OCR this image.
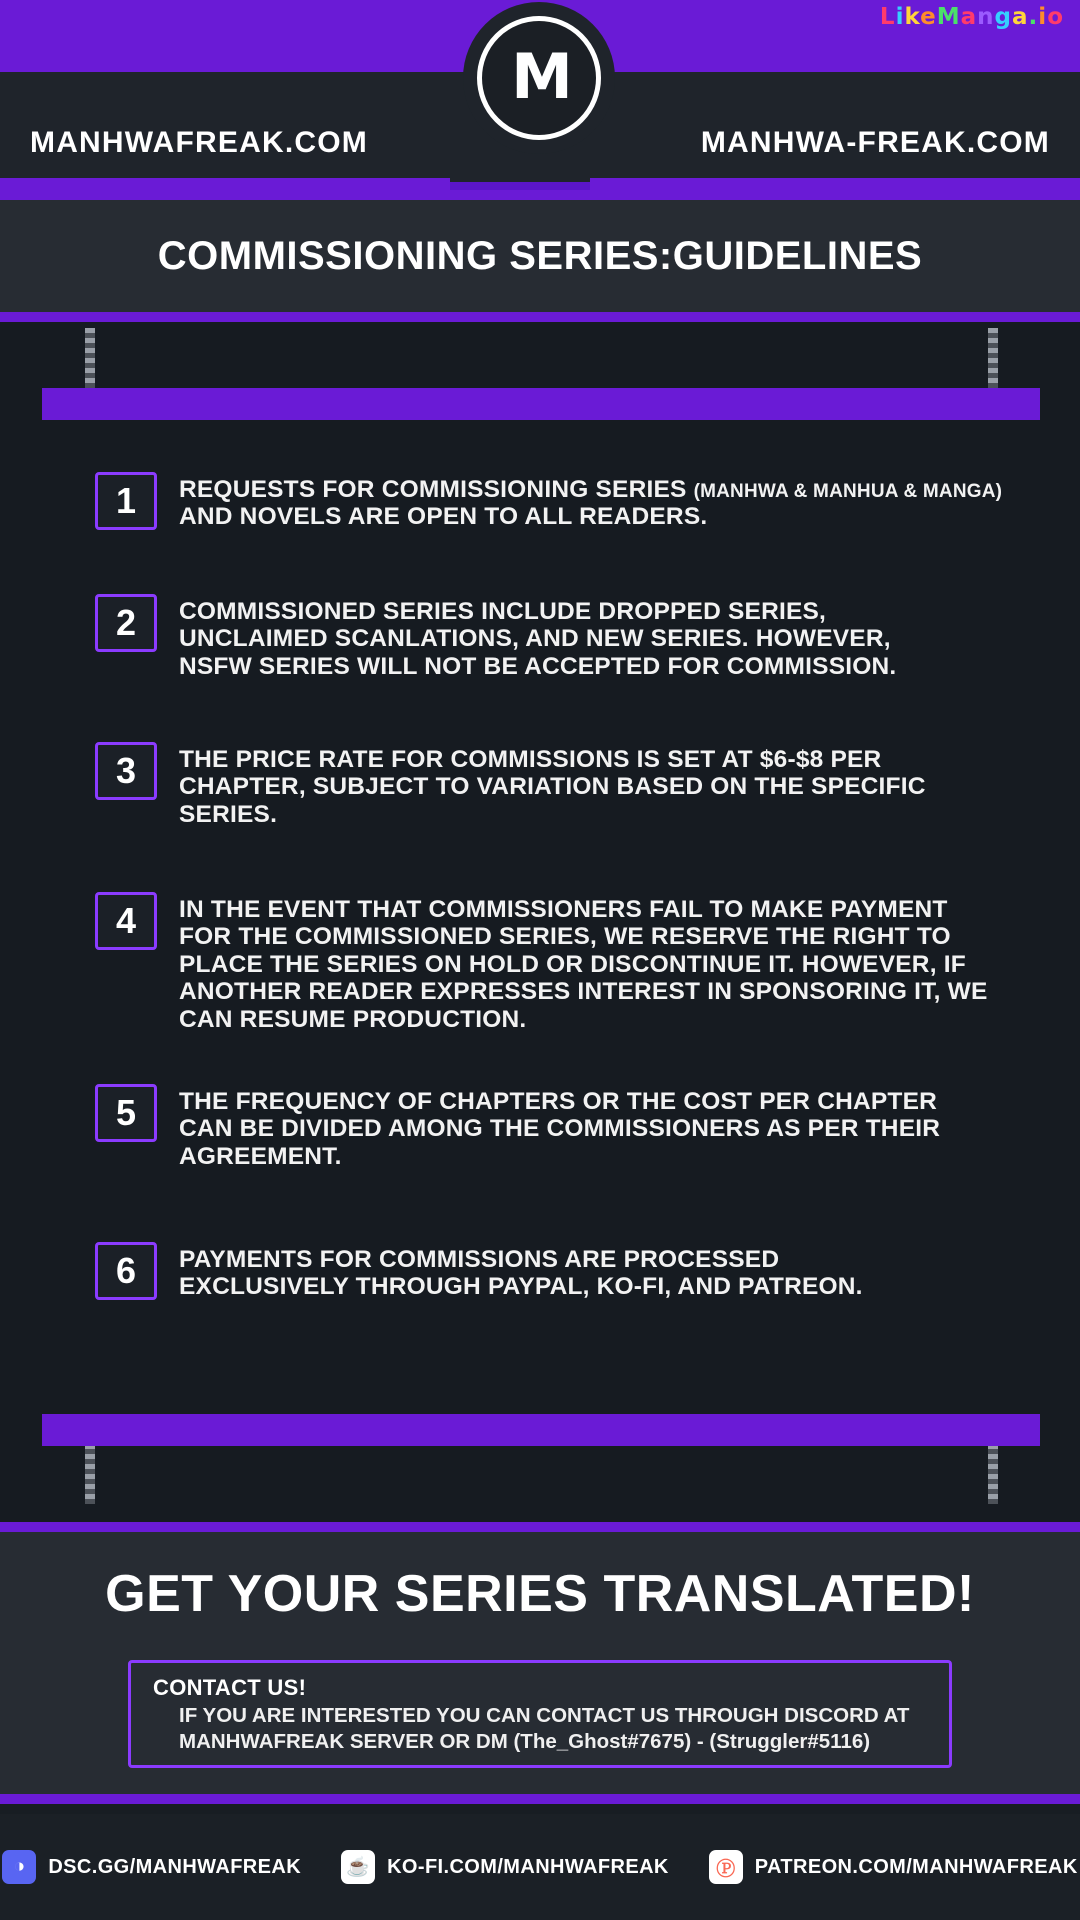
LikeManga.io
MANHWAFREAK.COM	MANHWA-FREAK.COM
M
COMMISSIONING SERIES:GUIDELINES
1	REQUESTS FOR COMMISSIONING SERIES (MANHWA & MANHUA & MANGA) AND NOVELS ARE OPEN TO ALL READERS.
2	COMMISSIONED SERIES INCLUDE DROPPED SERIES, UNCLAIMED SCANLATIONS, AND NEW SERIES. HOWEVER, NSFW SERIES WILL NOT BE ACCEPTED FOR COMMISSION.
3	THE PRICE RATE FOR COMMISSIONS IS SET AT $6-$8 PER CHAPTER, SUBJECT TO VARIATION BASED ON THE SPECIFIC SERIES.
4	IN THE EVENT THAT COMMISSIONERS FAIL TO MAKE PAYMENT FOR THE COMMISSIONED SERIES, WE RESERVE THE RIGHT TO PLACE THE SERIES ON HOLD OR DISCONTINUE IT. HOWEVER, IF ANOTHER READER EXPRESSES INTEREST IN SPONSORING IT, WE CAN RESUME PRODUCTION.
5	THE FREQUENCY OF CHAPTERS OR THE COST PER CHAPTER CAN BE DIVIDED AMONG THE COMMISSIONERS AS PER THEIR AGREEMENT.
6	PAYMENTS FOR COMMISSIONS ARE PROCESSED EXCLUSIVELY THROUGH PAYPAL, KO-FI, AND PATREON.
GET YOUR SERIES TRANSLATED!
CONTACT US!
IF YOU ARE INTERESTED YOU CAN CONTACT US THROUGH DISCORD AT MANHWAFREAK SERVER OR DM (The_Ghost#7675) - (Struggler#5116)
◑	DSC.GG/MANHWAFREAK ☕ KO-FI.COM/MANHWAFREAK	Ⓟ PATREON.COM/MANHWAFREAK
